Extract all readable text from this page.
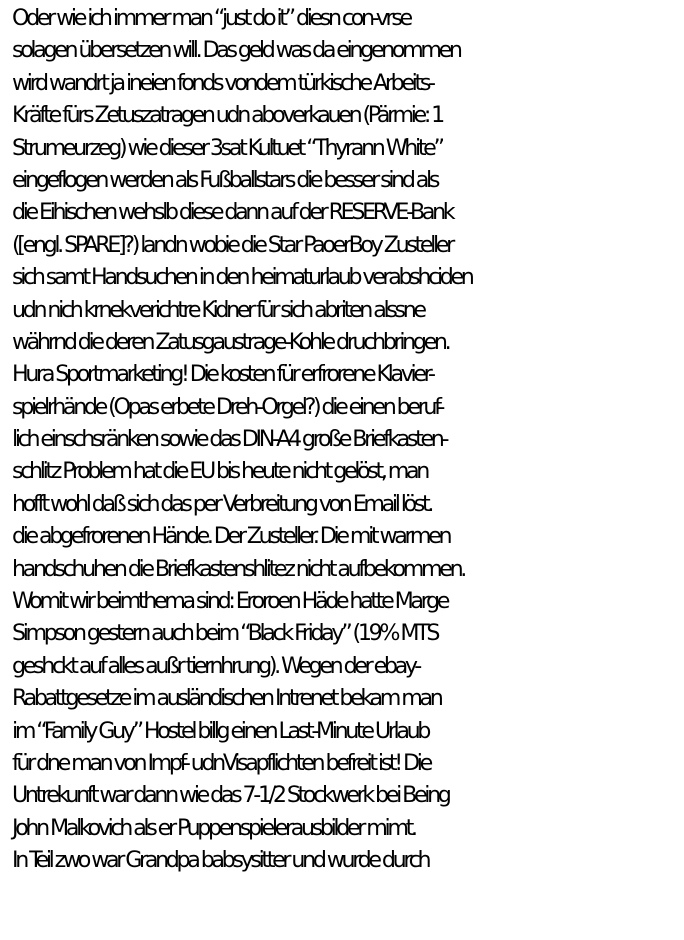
Oder wie ich immer man “just do it” diesn con-vrse
solagen übersetzen will. Das geld was da eingenommen
wird wandrt ja ineien fonds vondem türkische Arbeits-
Kräfte fürs Zetuszatragen udn aboverkauen (Pärmie: 1
Strumeurzeg) wie dieser 3sat Kultuet “Thyrann White”
eingeflogen werden als Fußballstars die besser sind als
die Eihischen wehslb diese dann auf der RESERVE-Bank
([engl. SPARE]?) landn wobie die Star PaoerBoy Zusteller
sich samt Handsuchen in den heimaturlaub verabshciden
udn nich krnekverichtre Kidner für sich abriten alssne
währnd die deren Zatusgaustrage-Kohle druchbringen.
Hura Sportmarketing! Die kosten für erfrorene Klavier-
spielrhände (Opas erbete Dreh-Orgel?) die einen beruf-
lich einschsränken sowie das DIN-A4 große Briefkasten-
schlitz Problem hat die EU bis heute nicht gelöst, man
hofft wohl daß sich das per Verbreitung von Email löst.
die abgefrorenen Hände. Der Zusteller. Die mit warmen
handschuhen die Briefkastenshlitez nicht aufbekommen.
Womit wir beimthema sind: Eroroen Häde hatte Marge
Simpson gestern auch beim “Black Friday” (19% MTS
geshckt auf alles außr tiernhrung). Wegen der ebay-
Rabattgesetze im ausländischen Intrenet bekam man
im “Family Guy” Hostel billg einen Last-Minute Urlaub
für dne man von Impf- udnVisapflichten befreit ist! Die
Untrekunft war dann wie das 7-1/2 Stockwerk bei Being
John Malkovich als er Puppenspielerausbilder mimt.
In Teil zwo war Grandpa babsysitter und wurde durch
